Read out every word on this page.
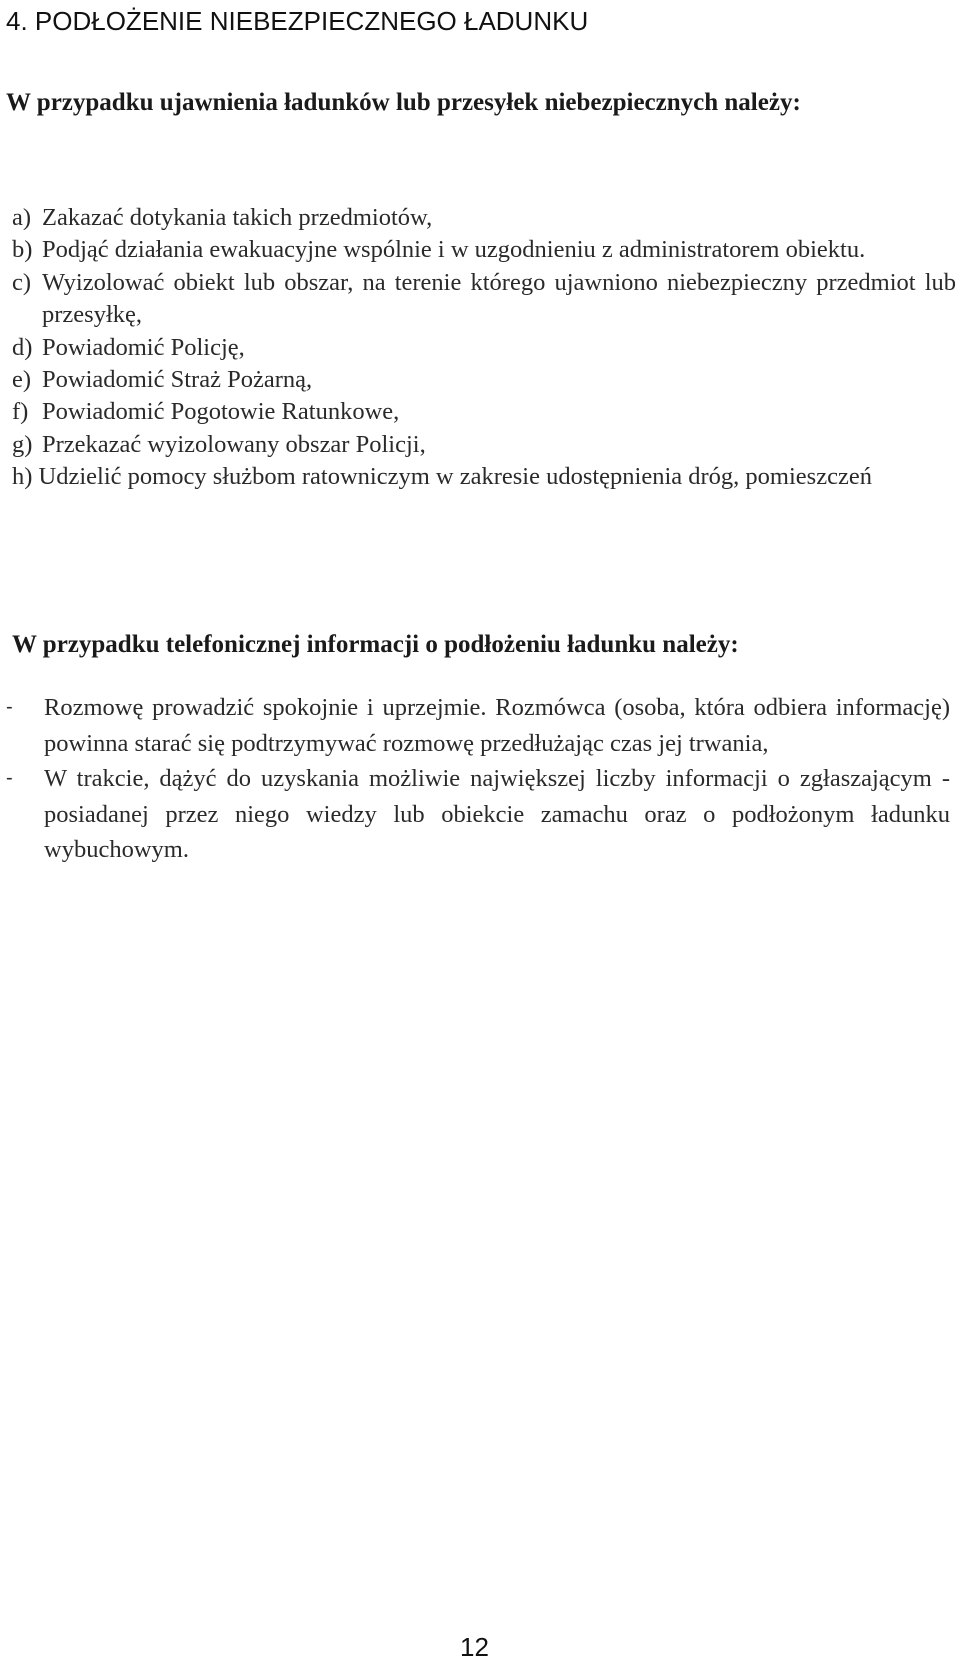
4. PODŁOŻENIE NIEBEZPIECZNEGO ŁADUNKU

W przypadku ujawnienia ładunków lub przesyłek niebezpiecznych należy:

a) Zakazać dotykania takich przedmiotów,
b) Podjąć działania ewakuacyjne wspólnie i w uzgodnieniu z administratorem obiektu.
c) Wyizolować obiekt lub obszar, na terenie którego ujawniono niebezpieczny przedmiot lub przesyłkę,
d) Powiadomić Policję,
e) Powiadomić Straż Pożarną,
f) Powiadomić Pogotowie Ratunkowe,
g) Przekazać wyizolowany obszar Policji,
h) Udzielić pomocy służbom ratowniczym w zakresie udostępnienia dróg, pomieszczeń

W przypadku telefonicznej informacji o podłożeniu ładunku należy:

-	Rozmowę prowadzić spokojnie i uprzejmie. Rozmówca (osoba, która odbiera informację) powinna starać się podtrzymywać rozmowę przedłużając czas jej trwania,
-	W trakcie, dążyć do uzyskania możliwie największej liczby informacji o zgłaszającym - posiadanej przez niego wiedzy lub obiekcie zamachu oraz o podłożonym ładunku wybuchowym.
12
